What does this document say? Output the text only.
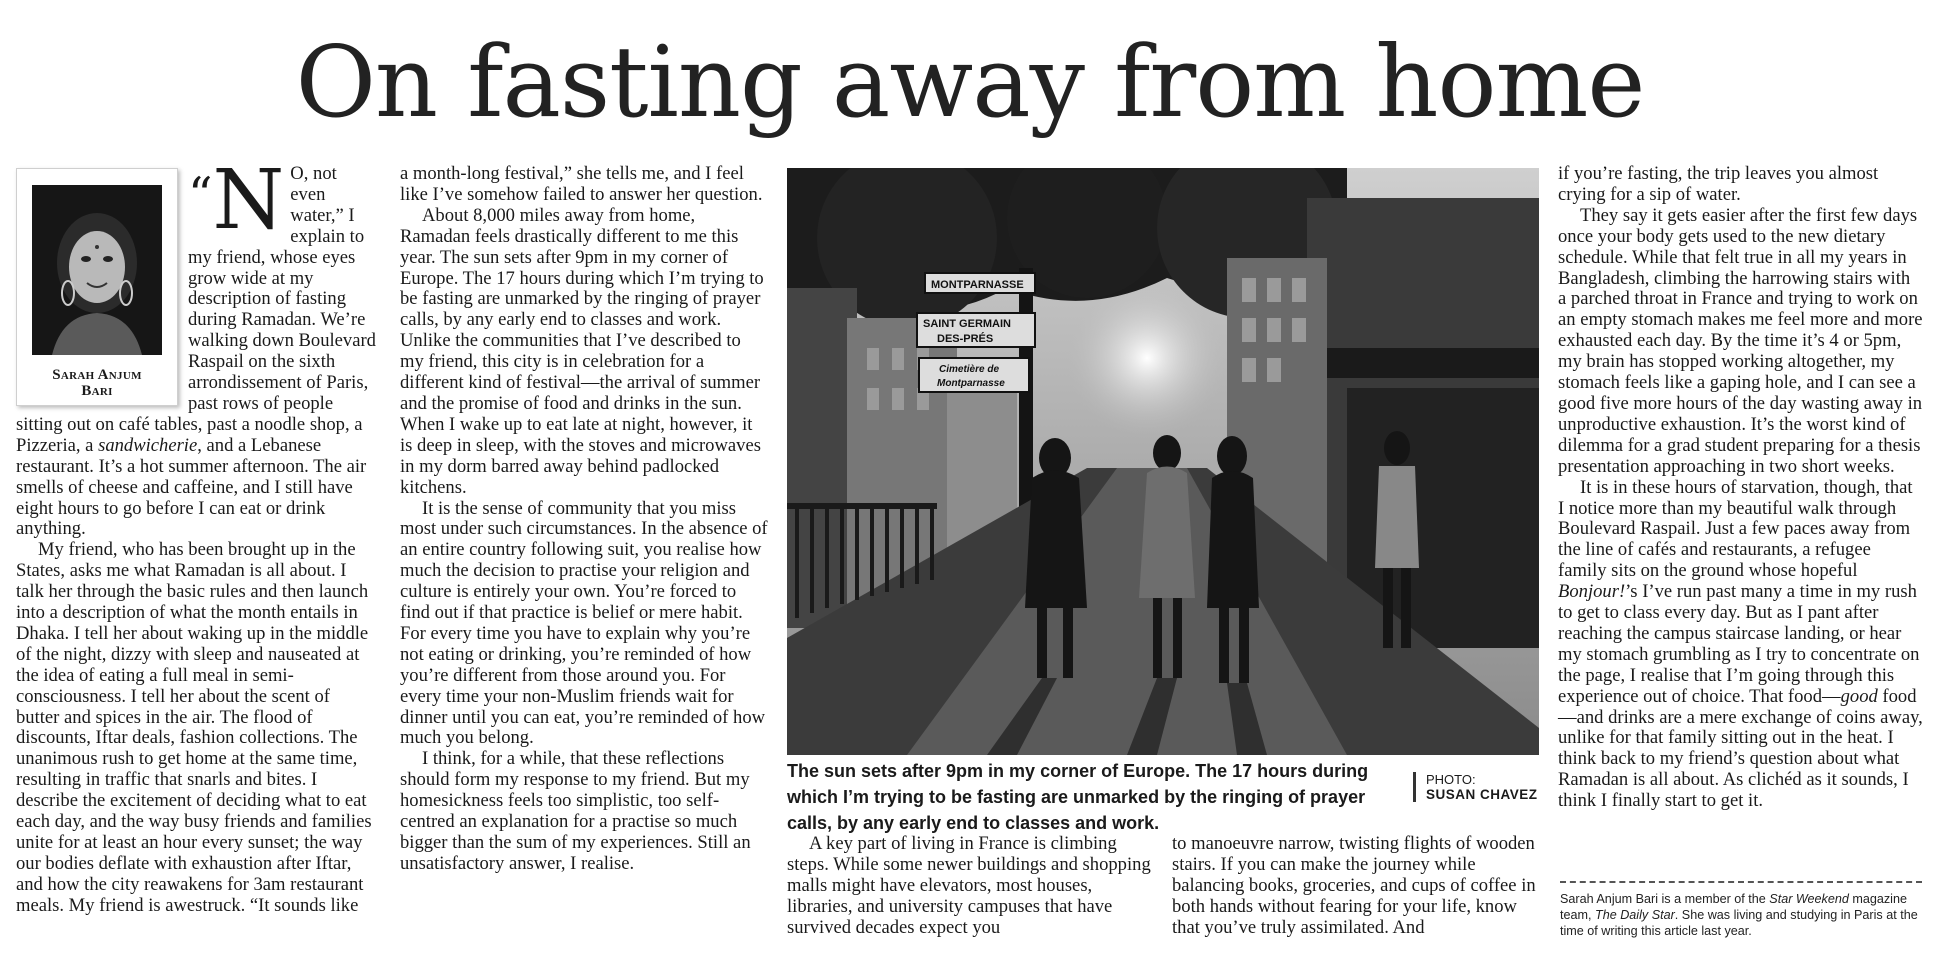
On fasting away from home
Sarah Anjum
Bari

“N O, not even water,” I explain to my friend, whose eyes grow wide at my description of fasting during Ramadan. We’re walking down Boulevard Raspail on the sixth arrondissement of Paris, past rows of people sitting out on café tables, past a noodle shop, a Pizzeria, a sandwicherie, and a Lebanese restaurant. It’s a hot summer afternoon. The air smells of cheese and caffeine, and I still have eight hours to go before I can eat or drink anything.

My friend, who has been brought up in the States, asks me what Ramadan is all about. I talk her through the basic rules and then launch into a description of what the month entails in Dhaka. I tell her about waking up in the middle of the night, dizzy with sleep and nauseated at the idea of eating a full meal in semi-consciousness. I tell her about the scent of butter and spices in the air. The flood of discounts, Iftar deals, fashion collections. The unanimous rush to get home at the same time, resulting in traffic that snarls and bites. I describe the excitement of deciding what to eat each day, and the way busy friends and families unite for at least an hour every sunset; the way our bodies deflate with exhaustion after Iftar, and how the city reawakens for 3am restaurant meals. My friend is awestruck. “It sounds like

a month-long festival,” she tells me, and I feel like I’ve somehow failed to answer her question.

About 8,000 miles away from home, Ramadan feels drastically different to me this year. The sun sets after 9pm in my corner of Europe. The 17 hours during which I’m trying to be fasting are unmarked by the ringing of prayer calls, by any early end to classes and work. Unlike the communities that I’ve described to my friend, this city is in celebration for a different kind of festival—the arrival of summer and the promise of food and drinks in the sun. When I wake up to eat late at night, however, it is deep in sleep, with the stoves and microwaves in my dorm barred away behind padlocked kitchens.

It is the sense of community that you miss most under such circumstances. In the absence of an entire country following suit, you realise how much the decision to practise your religion and culture is entirely your own. You’re forced to find out if that practice is belief or mere habit. For every time you have to explain why you’re not eating or drinking, you’re reminded of how you’re different from those around you. For every time your non-Muslim friends wait for dinner until you can eat, you’re reminded of how much you belong.

I think, for a while, that these reflections should form my response to my friend. But my homesickness feels too simplistic, too self-centred an explanation for a practise so much bigger than the sum of my experiences. Still an unsatisfactory answer, I realise.

MONTPARNASSE
SAINT GERMAIN
DES-PRÉS
Cimetière de
Montparnasse

The sun sets after 9pm in my corner of Europe. The 17 hours during which I’m trying to be fasting are unmarked by the ringing of prayer calls, by any early end to classes and work.

PHOTO:
SUSAN CHAVEZ

A key part of living in France is climbing steps. While some newer buildings and shopping malls might have elevators, most houses, libraries, and university campuses that have survived decades expect you

to manoeuvre narrow, twisting flights of wooden stairs. If you can make the journey while balancing books, groceries, and cups of coffee in both hands without fearing for your life, know that you’ve truly assimilated. And

if you’re fasting, the trip leaves you almost crying for a sip of water.

They say it gets easier after the first few days once your body gets used to the new dietary schedule. While that felt true in all my years in Bangladesh, climbing the harrowing stairs with a parched throat in France and trying to work on an empty stomach makes me feel more and more exhausted each day. By the time it’s 4 or 5pm, my brain has stopped working altogether, my stomach feels like a gaping hole, and I can see a good five more hours of the day wasting away in unproductive exhaustion. It’s the worst kind of dilemma for a grad student preparing for a thesis presentation approaching in two short weeks.

It is in these hours of starvation, though, that I notice more than my beautiful walk through Boulevard Raspail. Just a few paces away from the line of cafés and restaurants, a refugee family sits on the ground whose hopeful Bonjour!’s I’ve run past many a time in my rush to get to class every day. But as I pant after reaching the campus staircase landing, or hear my stomach grumbling as I try to concentrate on the page, I realise that I’m going through this experience out of choice. That food—good food—and drinks are a mere exchange of coins away, unlike for that family sitting out in the heat. I think back to my friend’s question about what Ramadan is all about. As clichéd as it sounds, I think I finally start to get it.

Sarah Anjum Bari is a member of the Star Weekend magazine team, The Daily Star. She was living and studying in Paris at the time of writing this article last year.
